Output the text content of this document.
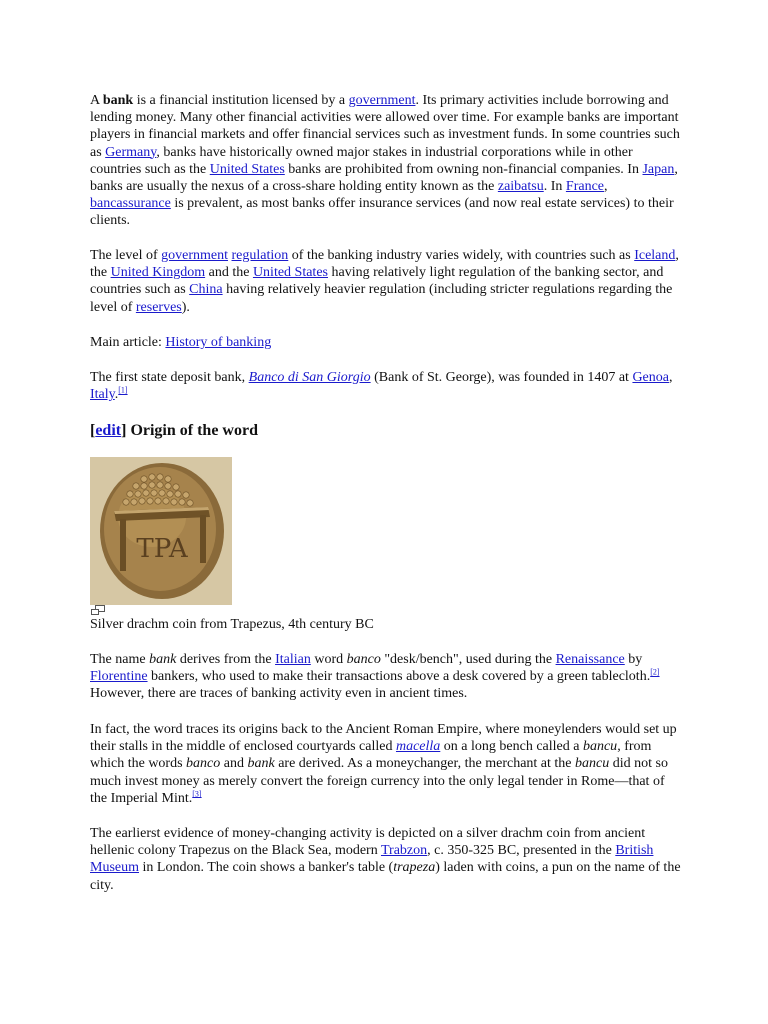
A bank is a financial institution licensed by a government. Its primary activities include borrowing and lending money. Many other financial activities were allowed over time. For example banks are important players in financial markets and offer financial services such as investment funds. In some countries such as Germany, banks have historically owned major stakes in industrial corporations while in other countries such as the United States banks are prohibited from owning non-financial companies. In Japan, banks are usually the nexus of a cross-share holding entity known as the zaibatsu. In France, bancassurance is prevalent, as most banks offer insurance services (and now real estate services) to their clients.

The level of government regulation of the banking industry varies widely, with countries such as Iceland, the United Kingdom and the United States having relatively light regulation of the banking sector, and countries such as China having relatively heavier regulation (including stricter regulations regarding the level of reserves).

Main article: History of banking

The first state deposit bank, Banco di San Giorgio (Bank of St. George), was founded in 1407 at Genoa, Italy.[1]

[edit] Origin of the word
TPA

Silver drachm coin from Trapezus, 4th century BC

The name bank derives from the Italian word banco "desk/bench", used during the Renaissance by Florentine bankers, who used to make their transactions above a desk covered by a green tablecloth.[2] However, there are traces of banking activity even in ancient times.

In fact, the word traces its origins back to the Ancient Roman Empire, where moneylenders would set up their stalls in the middle of enclosed courtyards called macella on a long bench called a bancu, from which the words banco and bank are derived. As a moneychanger, the merchant at the bancu did not so much invest money as merely convert the foreign currency into the only legal tender in Rome—that of the Imperial Mint.[3]

The earlierst evidence of money-changing activity is depicted on a silver drachm coin from ancient hellenic colony Trapezus on the Black Sea, modern Trabzon, c. 350-325 BC, presented in the British Museum in London. The coin shows a banker's table (trapeza) laden with coins, a pun on the name of the city.
